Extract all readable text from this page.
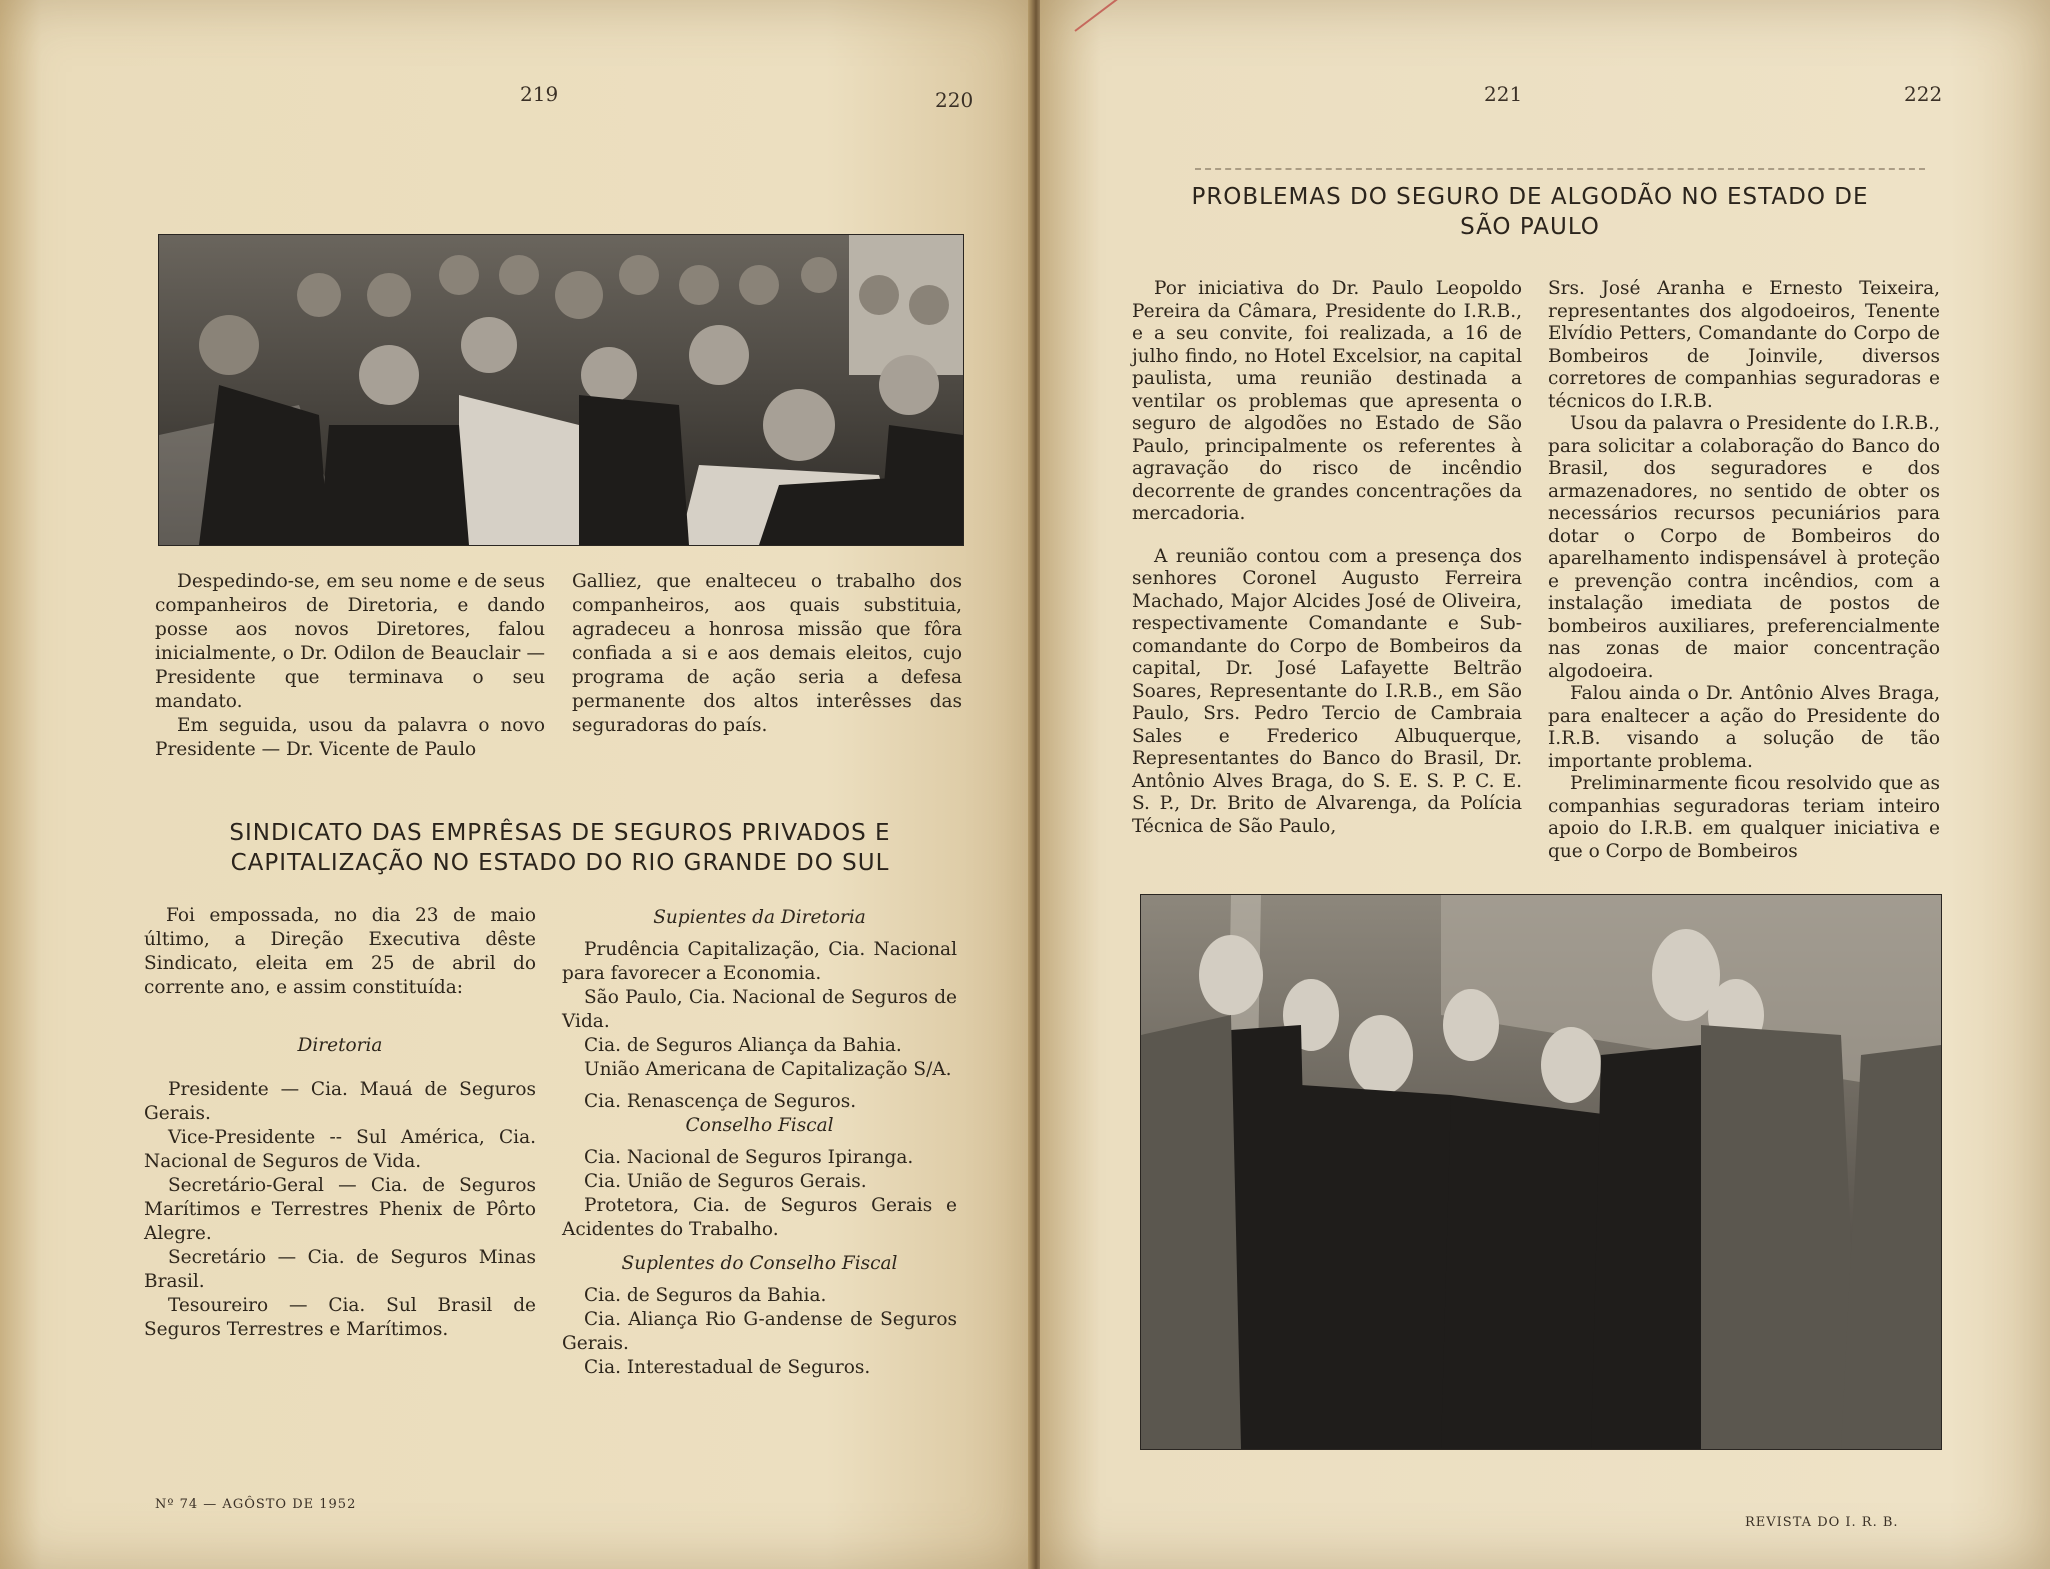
219	220

Despedindo-se, em seu nome e de seus companheiros de Diretoria, e dando posse aos novos Diretores, falou inicialmente, o Dr. Odilon de Beauclair — Presidente que terminava o seu mandato.

Em seguida, usou da palavra o novo Presidente — Dr. Vicente de Paulo

Galliez, que enalteceu o trabalho dos companheiros, aos quais substituia, agradeceu a honrosa missão que fôra confiada a si e aos demais eleitos, cujo programa de ação seria a defesa permanente dos altos interêsses das seguradoras do país.

SINDICATO DAS EMPRÊSAS DE SEGUROS PRIVADOS E
CAPITALIZAÇÃO NO ESTADO DO RIO GRANDE DO SUL

Foi empossada, no dia 23 de maio último, a Direção Executiva dêste Sindicato, eleita em 25 de abril do corrente ano, e assim constituída:

Diretoria

Presidente — Cia. Mauá de Seguros Gerais.

Vice-Presidente -- Sul América, Cia. Nacional de Seguros de Vida.

Secretário-Geral — Cia. de Seguros Marítimos e Terrestres Phenix de Pôrto Alegre.

Secretário — Cia. de Seguros Minas Brasil.

Tesoureiro — Cia. Sul Brasil de Seguros Terrestres e Marítimos.

Supientes da Diretoria

Prudência Capitalização, Cia. Nacional para favorecer a Economia.

São Paulo, Cia. Nacional de Seguros de Vida.

Cia. de Seguros Aliança da Bahia.

União Americana de Capitalização S/A.

Cia. Renascença de Seguros.

Conselho Fiscal

Cia. Nacional de Seguros Ipiranga.

Cia. União de Seguros Gerais.

Protetora, Cia. de Seguros Gerais e Acidentes do Trabalho.

Suplentes do Conselho Fiscal

Cia. de Seguros da Bahia.

Cia. Aliança Rio G-andense de Seguros Gerais.

Cia. Interestadual de Seguros.

Nº 74 — AGÔSTO DE 1952
221	222
PROBLEMAS DO SEGURO DE ALGODÃO NO ESTADO DE
SÃO PAULO

Por iniciativa do Dr. Paulo Leopoldo Pereira da Câmara, Presidente do I.R.B., e a seu convite, foi realizada, a 16 de julho findo, no Hotel Excelsior, na capital paulista, uma reunião destinada a ventilar os problemas que apresenta o seguro de algodões no Estado de São Paulo, principalmente os referentes à agravação do risco de incêndio decorrente de grandes concentrações da mercadoria.

A reunião contou com a presença dos senhores Coronel Augusto Ferreira Machado, Major Alcides José de Oliveira, respectivamente Comandante e Sub-comandante do Corpo de Bombeiros da capital, Dr. José Lafayette Beltrão Soares, Representante do I.R.B., em São Paulo, Srs. Pedro Tercio de Cambraia Sales e Frederico Albuquerque, Representantes do Banco do Brasil, Dr. Antônio Alves Braga, do S. E. S. P. C. E. S. P., Dr. Brito de Alvarenga, da Polícia Técnica de São Paulo,

Srs. José Aranha e Ernesto Teixeira, representantes dos algodoeiros, Tenente Elvídio Petters, Comandante do Corpo de Bombeiros de Joinvile, diversos corretores de companhias seguradoras e técnicos do I.R.B.

Usou da palavra o Presidente do I.R.B., para solicitar a colaboração do Banco do Brasil, dos seguradores e dos armazenadores, no sentido de obter os necessários recursos pecuniários para dotar o Corpo de Bombeiros do aparelhamento indispensável à proteção e prevenção contra incêndios, com a instalação imediata de postos de bombeiros auxiliares, preferencialmente nas zonas de maior concentração algodoeira.

Falou ainda o Dr. Antônio Alves Braga, para enaltecer a ação do Presidente do I.R.B. visando a solução de tão importante problema.

Preliminarmente ficou resolvido que as companhias seguradoras teriam inteiro apoio do I.R.B. em qualquer iniciativa e que o Corpo de Bombeiros

REVISTA DO I. R. B.
